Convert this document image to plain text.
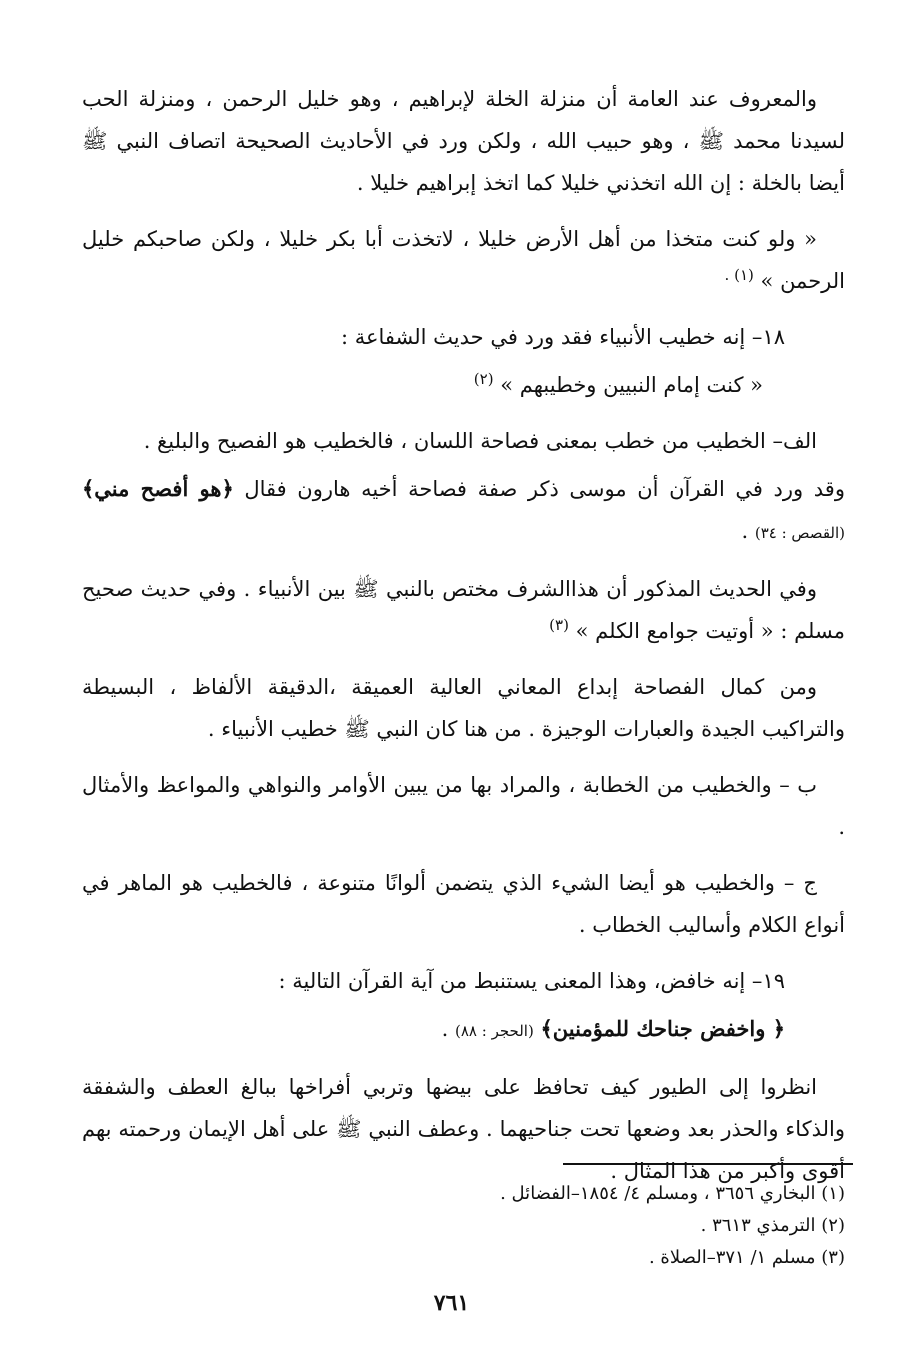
والمعروف عند العامة أن منزلة الخلة لإبراهيم ، وهو خليل الرحمن ، ومنزلة الحب لسيدنا محمد ﷺ ، وهو حبيب الله ، ولكن ورد في الأحاديث الصحيحة اتصاف النبي ﷺ أيضا بالخلة : إن الله اتخذني خليلا كما اتخذ إبراهيم خليلا .

« ولو كنت متخذا من أهل الأرض خليلا ، لاتخذت أبا بكر خليلا ، ولكن صاحبكم خليل الرحمن » $^{(١) .}$

١٨– إنه خطيب الأنبياء فقد ورد في حديث الشفاعة :

« كنت إمام النبيين وخطيبهم » $^{(٢)}$

الف– الخطيب من خطب بمعنى فصاحة اللسان ، فالخطيب هو الفصيح والبليغ .

وقد ورد في القرآن أن موسى ذكر صفة فصاحة أخيه هارون فقال ﴿هو أفصح مني﴾ (القصص : ٣٤) .

وفي الحديث المذكور أن هذاالشرف مختص بالنبي ﷺ بين الأنبياء . وفي حديث صحيح مسلم : « أوتيت جوامع الكلم » $^{(٣)}$

ومن كمال الفصاحة إبداع المعاني العالية العميقة ،الدقيقة الألفاظ ، البسيطة والتراكيب الجيدة والعبارات الوجيزة . من هنا كان النبي ﷺ خطيب الأنبياء .

ب – والخطيب من الخطابة ، والمراد بها من يبين الأوامر والنواهي والمواعظ والأمثال .

ج – والخطيب هو أيضا الشيء الذي يتضمن ألوانًا متنوعة ، فالخطيب هو الماهر في أنواع الكلام وأساليب الخطاب .

١٩– إنه خافض، وهذا المعنى يستنبط من آية القرآن التالية :

﴿ واخفض جناحك للمؤمنين﴾ (الحجر : ٨٨) .

انظروا إلى الطيور كيف تحافظ على بيضها وتربي أفراخها ببالغ العطف والشفقة والذكاء والحذر بعد وضعها تحت جناحيهما . وعطف النبي ﷺ على أهل الإيمان ورحمته بهم أقوى وأكبر من هذا المثال .

(١) البخاري ٣٦٥٦ ، ومسلم ٤/ ١٨٥٤–الفضائل .
(٢) الترمذي ٣٦١٣ .
(٣) مسلم ١/ ٣٧١–الصلاة .
٧٦١
